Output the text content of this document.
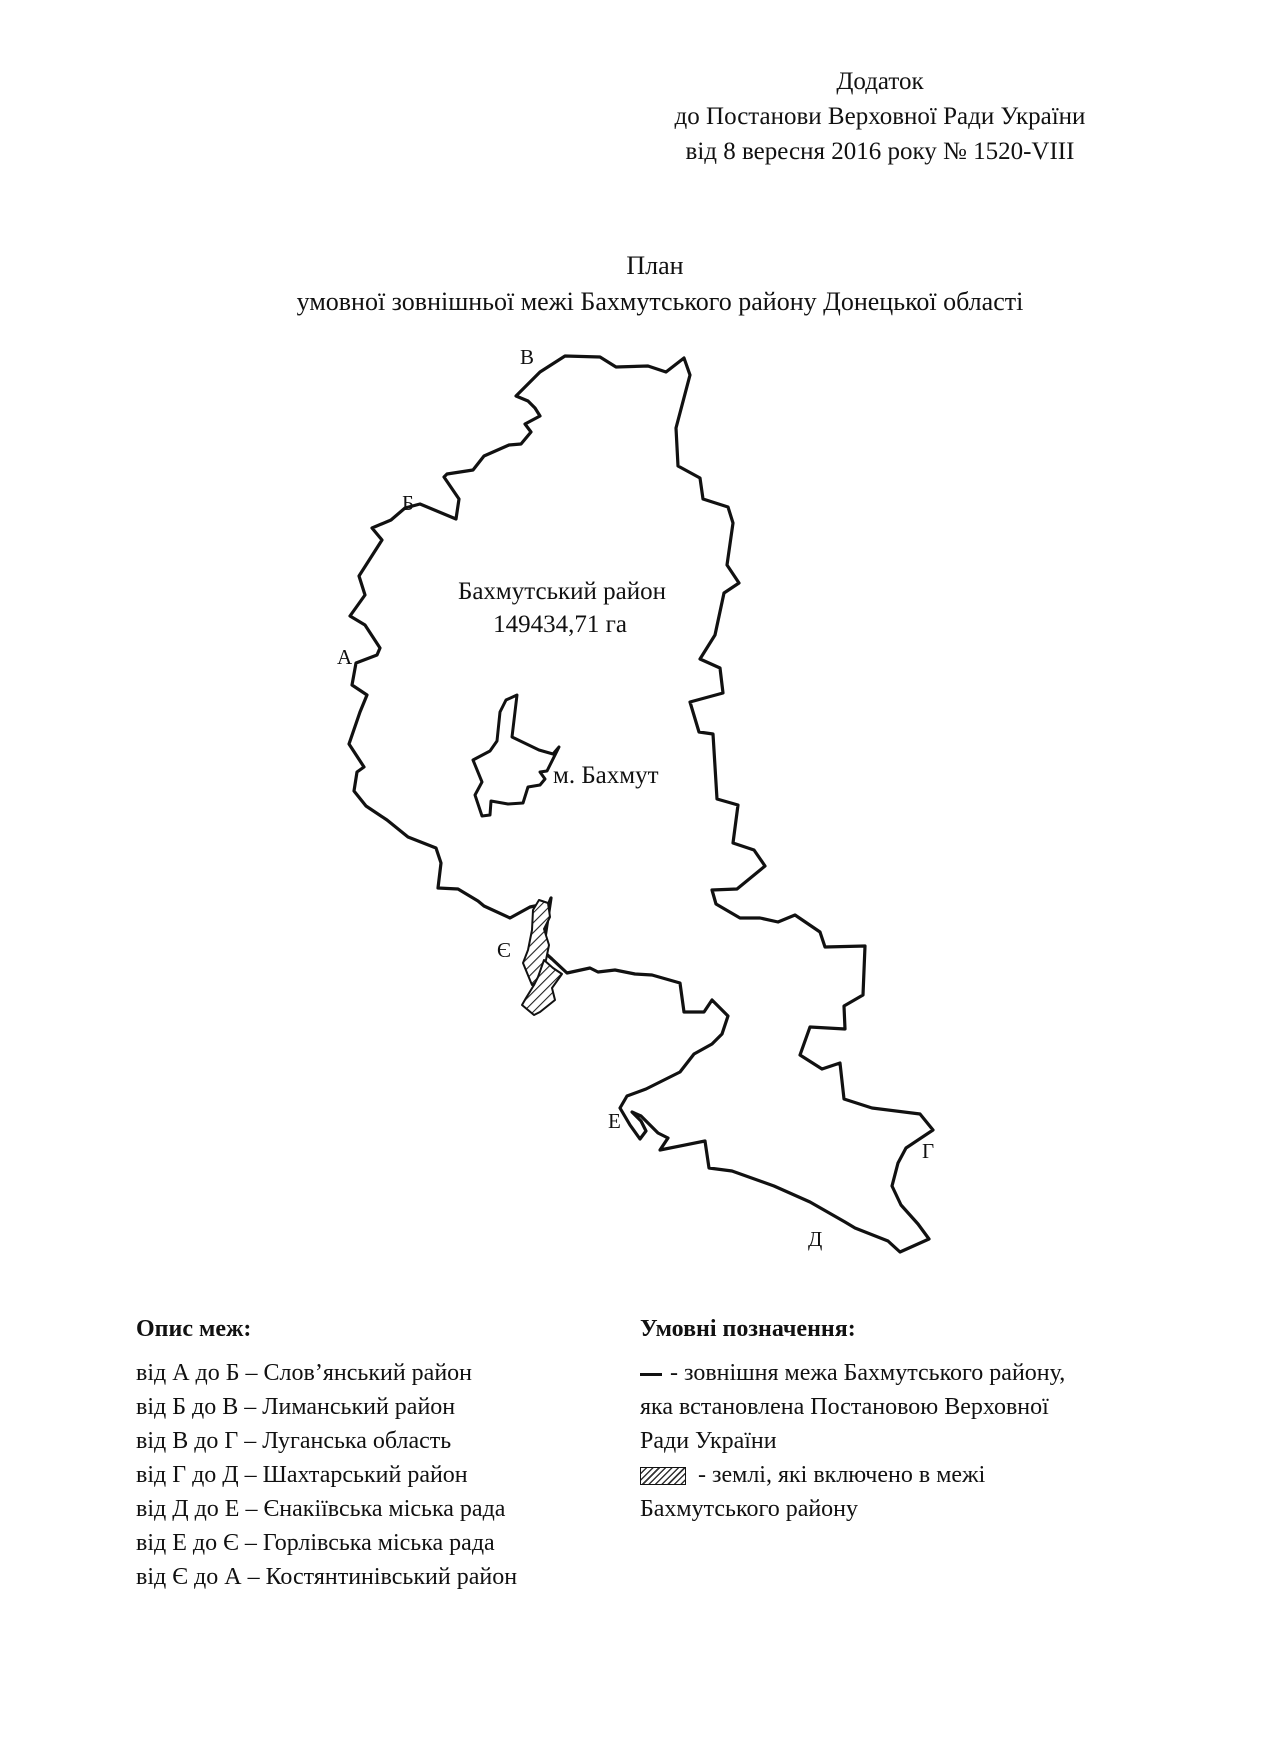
Додаток
до Постанови Верховної Ради України
від 8 вересня 2016 року № 1520-VIII
План
умовної зовнішньої межі Бахмутського району Донецької області
Бахмутський район
149434,71 га
м. Бахмут
А
Б
В
Г
Д
Е
Є
Опис меж:
від А до Б – Слов’янський район
від Б до В – Лиманський район
від В до Г – Луганська область
від Г до Д – Шахтарський район
від Д до Е – Єнакіївська міська рада
від Е до Є – Горлівська міська рада
від Є до А – Костянтинівський район
Умовні позначення:
- зовнішня межа Бахмутського району,
яка встановлена Постановою Верховної
Ради України
- землі, які включено в межі
Бахмутського району
